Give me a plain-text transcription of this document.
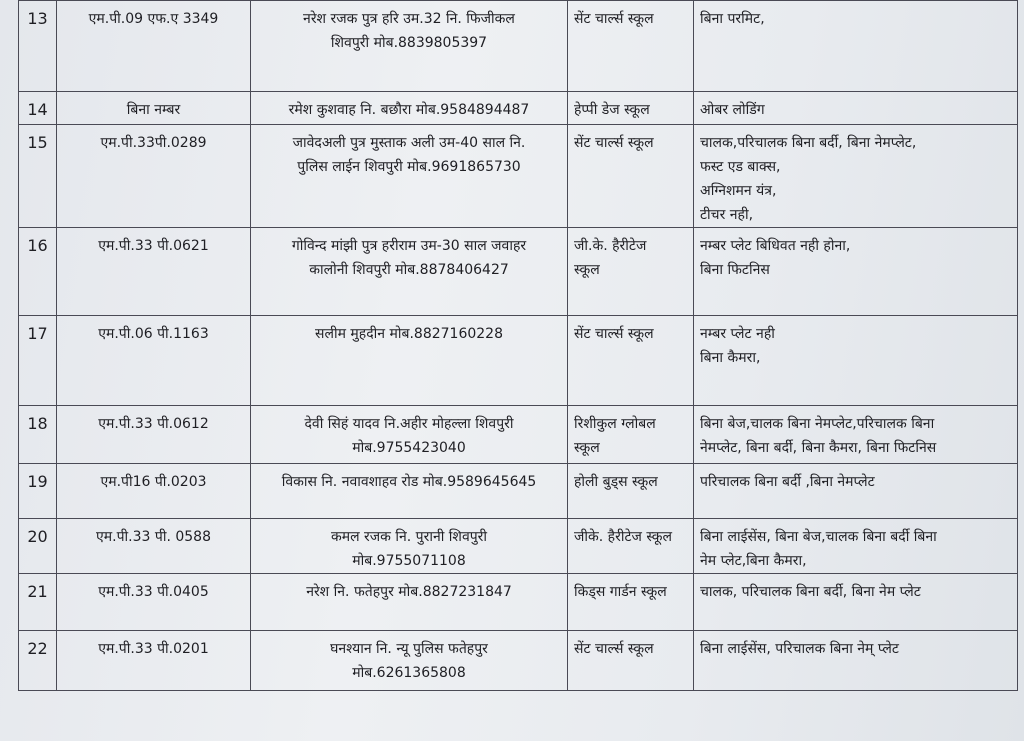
13	एम.पी.09 एफ.ए 3349	नरेश रजक पुत्र हरि उम.32 नि. फिजीकल
शिवपुरी मोब.8839805397	सेंट चार्ल्स स्कूल	बिना परमिट,

14	बिना नम्बर	रमेश कुशवाह नि. बछौरा मोब.9584894487	हेप्पी डेज स्कूल	ओबर लोडिंग

15	एम.पी.33पी.0289	जावेदअली पुत्र मुस्ताक अली उम-40 साल नि.
पुलिस लाईन शिवपुरी मोब.9691865730	सेंट चार्ल्स स्कूल	चालक,परिचालक बिना बर्दी, बिना नेमप्लेट,
फस्ट एड बाक्स,
अग्निशमन यंत्र,
टीचर नही,

16	एम.पी.33 पी.0621	गोविन्द मांझी पुत्र हरीराम उम-30 साल जवाहर
कालोनी शिवपुरी मोब.8878406427	जी.के. हैरीटेज
स्कूल	नम्बर प्लेट बिधिवत नही होना,
बिना फिटनिस

17	एम.पी.06 पी.1163	सलीम मुहदीन मोब.8827160228	सेंट चार्ल्स स्कूल	नम्बर प्लेट नही
बिना कैमरा,

18	एम.पी.33 पी.0612	देवी सिहं यादव नि.अहीर मोहल्ला शिवपुरी
मोब.9755423040	रिशीकुल ग्लोबल
स्कूल	बिना बेज,चालक बिना नेमप्लेट,परिचालक बिना
नेमप्लेट, बिना बर्दी, बिना कैमरा, बिना फिटनिस

19	एम.पी16 पी.0203	विकास नि. नवावशाहव रोड मोब.9589645645	होली बुड्स स्कूल	परिचालक बिना बर्दी ,बिना नेमप्लेट

20	एम.पी.33 पी. 0588	कमल रजक नि. पुरानी शिवपुरी
मोब.9755071108	जीके. हैरीटेज स्कूल	बिना लाईसेंस, बिना बेज,चालक बिना बर्दी बिना
नेम प्लेट,बिना कैमरा,

21	एम.पी.33 पी.0405	नरेश नि. फतेहपुर मोब.8827231847	किड्स गार्डन स्कूल	चालक, परिचालक बिना बर्दी, बिना नेम प्लेट

22	एम.पी.33 पी.0201	घनश्यान नि. न्यू पुलिस फतेहपुर
मोब.6261365808	सेंट चार्ल्स स्कूल	बिना लाईसेंस, परिचालक बिना नेम् प्लेट
